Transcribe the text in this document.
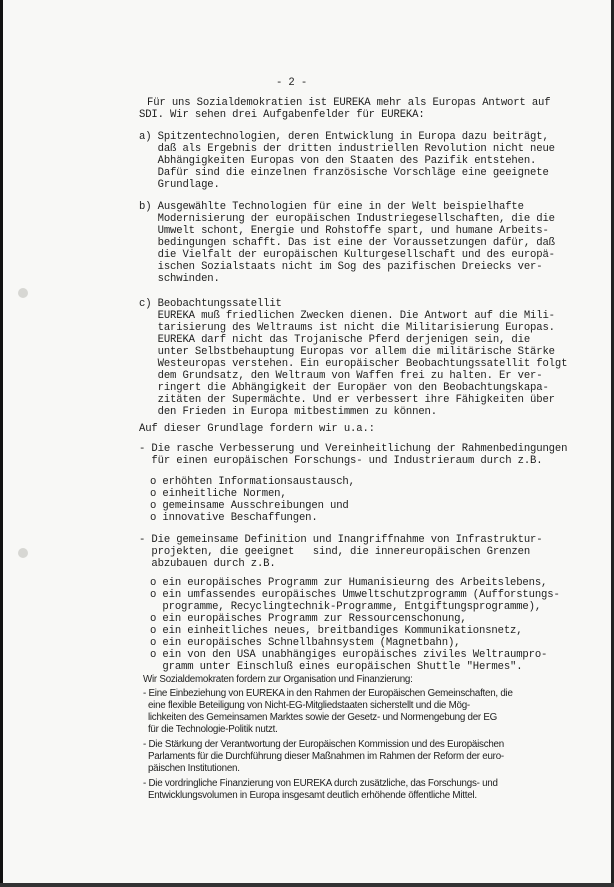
- 2 -
Für uns Sozialdemokratien ist EUREKA mehr als Europas Antwort auf
SDI. Wir sehen drei Aufgabenfelder für EUREKA:
a) Spitzentechnologien, deren Entwicklung in Europa dazu beiträgt,
daß als Ergebnis der dritten industriellen Revolution nicht neue
Abhängigkeiten Europas von den Staaten des Pazifik entstehen.
Dafür sind die einzelnen französische Vorschläge eine geeignete
Grundlage.
b) Ausgewählte Technologien für eine in der Welt beispielhafte
Modernisierung der europäischen Industriegesellschaften, die die
Umwelt schont, Energie und Rohstoffe spart, und humane Arbeits-
bedingungen schafft. Das ist eine der Voraussetzungen dafür, daß
die Vielfalt der europäischen Kulturgesellschaft und des europä-
ischen Sozialstaats nicht im Sog des pazifischen Dreiecks ver-
schwinden.
c) Beobachtungssatellit
EUREKA muß friedlichen Zwecken dienen. Die Antwort auf die Mili-
tarisierung des Weltraums ist nicht die Militarisierung Europas.
EUREKA darf nicht das Trojanische Pferd derjenigen sein, die
unter Selbstbehauptung Europas vor allem die militärische Stärke
Westeuropas verstehen. Ein europäischer Beobachtungssatellit folgt
dem Grundsatz, den Weltraum von Waffen frei zu halten. Er ver-
ringert die Abhängigkeit der Europäer von den Beobachtungskapa-
zitäten der Supermächte. Und er verbessert ihre Fähigkeiten über
den Frieden in Europa mitbestimmen zu können.
Auf dieser Grundlage fordern wir u.a.:
- Die rasche Verbesserung und Vereinheitlichung der Rahmenbedingungen
für einen europäischen Forschungs- und Industrieraum durch z.B.
o erhöhten Informationsaustausch,
o einheitliche Normen,
o gemeinsame Ausschreibungen und
o innovative Beschaffungen.
- Die gemeinsame Definition und Inangriffnahme von Infrastruktur-
projekten, die geeignet   sind, die innereuropäischen Grenzen
abzubauen durch z.B.
o ein europäisches Programm zur Humanisieurng des Arbeitslebens,
o ein umfassendes europäisches Umweltschutzprogramm (Aufforstungs-
programme, Recyclingtechnik-Programme, Entgiftungsprogramme),
o ein europäisches Programm zur Ressourcenschonung,
o ein einheitliches neues, breitbandiges Kommunikationsnetz,
o ein europäisches Schnellbahnsystem (Magnetbahn),
o ein von den USA unabhängiges europäisches ziviles Weltraumpro-
gramm unter Einschluß eines europäischen Shuttle "Hermes".
Wir Sozialdemokraten fordern zur Organisation und Finanzierung:
- Eine Einbeziehung von EUREKA in den Rahmen der Europäischen Gemeinschaften, die
eine flexible Beteiligung von Nicht-EG-Mitgliedstaaten sicherstellt und die Mög-
lichkeiten des Gemeinsamen Marktes sowie der Gesetz- und Normengebung der EG
für die Technologie-Politik nutzt.
- Die Stärkung der Verantwortung der Europäischen Kommission und des Europäischen
Parlaments für die Durchführung dieser Maßnahmen im Rahmen der Reform der euro-
päischen Institutionen.
- Die vordringliche Finanzierung von EUREKA durch zusätzliche, das Forschungs- und
Entwicklungsvolumen in Europa insgesamt deutlich erhöhende öffentliche Mittel.
